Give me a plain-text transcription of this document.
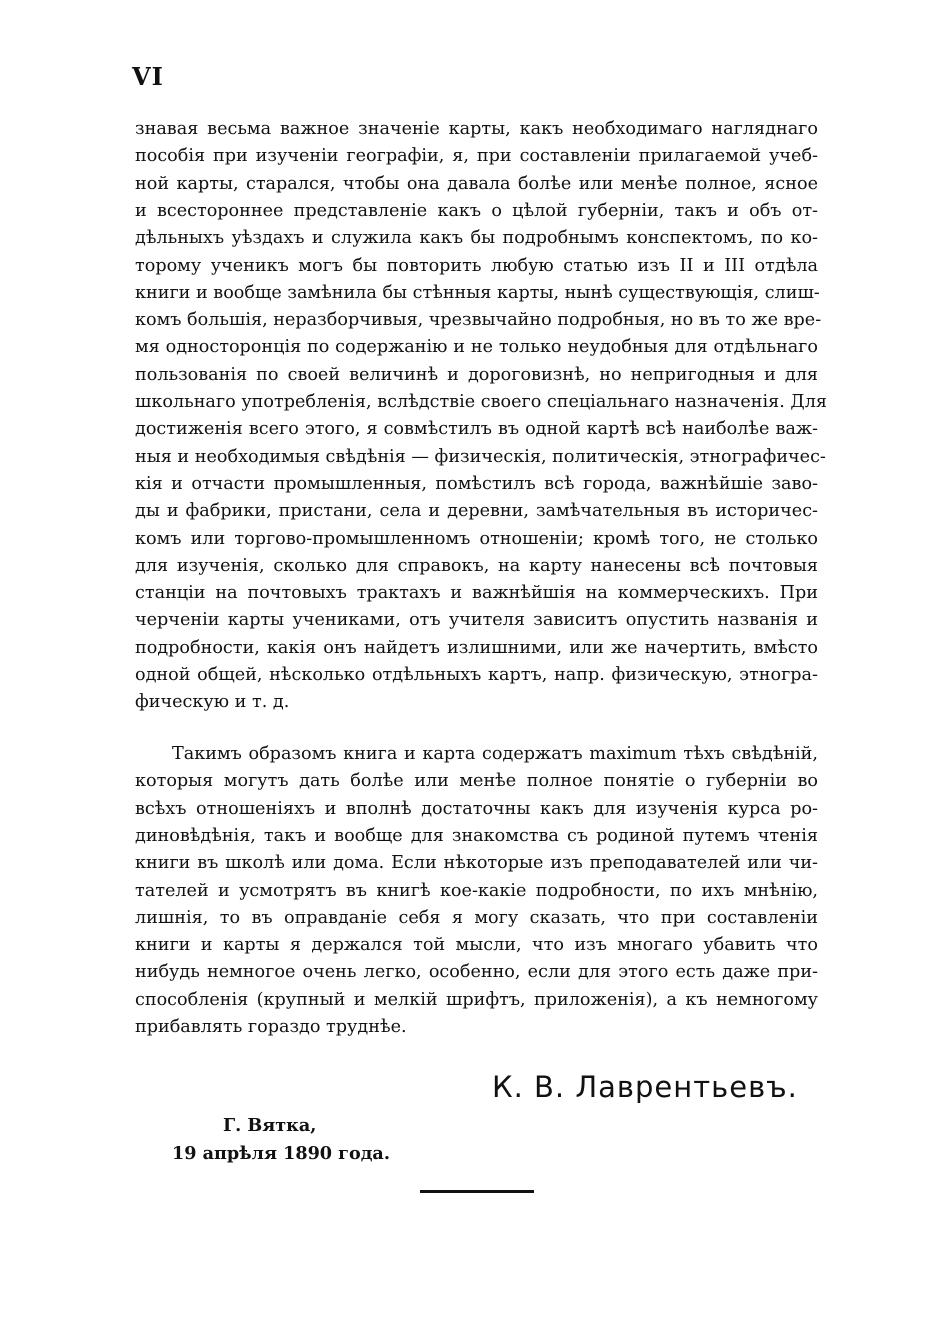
VI
знавая весьма важное значеніе карты, какъ необходимаго нагляднаго
пособія при изученіи географіи, я, при составленіи прилагаемой учеб-
ной карты, старался, чтобы она давала болѣе или менѣе полное, ясное
и всестороннее представленіе какъ о цѣлой губерніи, такъ и объ от-
дѣльныхъ уѣздахъ и служила какъ бы подробнымъ конспектомъ, по ко-
торому ученикъ могъ бы повторить любую статью изъ II и III отдѣла
книги и вообще замѣнила бы стѣнныя карты, нынѣ существующія, слиш-
комъ большія, неразборчивыя, чрезвычайно подробныя, но въ то же вре-
мя односторонція по содержанію и не только неудобныя для отдѣльнаго
пользованія по своей величинѣ и дороговизнѣ, но непригодныя и для
школьнаго употребленія, вслѣдствіе своего спеціальнаго назначенія. Для
достиженія всего этого, я совмѣстилъ въ одной картѣ всѣ наиболѣе важ-
ныя и необходимыя свѣдѣнія — физическія, политическія, этнографичес-
кія и отчасти промышленныя, помѣстилъ всѣ города, важнѣйшіе заво-
ды и фабрики, пристани, села и деревни, замѣчательныя въ историчес-
комъ или торгово-промышленномъ отношеніи; кромѣ того, не столько
для изученія, сколько для справокъ, на карту нанесены всѣ почтовыя
станціи на почтовыхъ трактахъ и важнѣйшія на коммерческихъ. При
черченіи карты учениками, отъ учителя зависитъ опустить названія и
подробности, какія онъ найдетъ излишними, или же начертить, вмѣсто
одной общей, нѣсколько отдѣльныхъ картъ, напр. физическую, этногра-
фическую и т. д.
Такимъ образомъ книга и карта содержатъ maximum тѣхъ свѣдѣній,
которыя могутъ дать болѣе или менѣе полное понятіе о губерніи во
всѣхъ отношеніяхъ и вполнѣ достаточны какъ для изученія курса ро-
диновѣдѣнія, такъ и вообще для знакомства съ родиной путемъ чтенія
книги въ школѣ или дома. Если нѣкоторые изъ преподавателей или чи-
тателей и усмотрятъ въ книгѣ кое-какіе подробности, по ихъ мнѣнію,
лишнія, то въ оправданіе себя я могу сказать, что при составленіи
книги и карты я держался той мысли, что изъ многаго убавить что
нибудь немногое очень легко, особенно, если для этого есть даже при-
способленія (крупный и мелкій шрифтъ, приложенія), а къ немногому
прибавлять гораздо труднѣе.
К. В. Лаврентьевъ.
Г. Вятка,
19 апрѣля 1890 года.
